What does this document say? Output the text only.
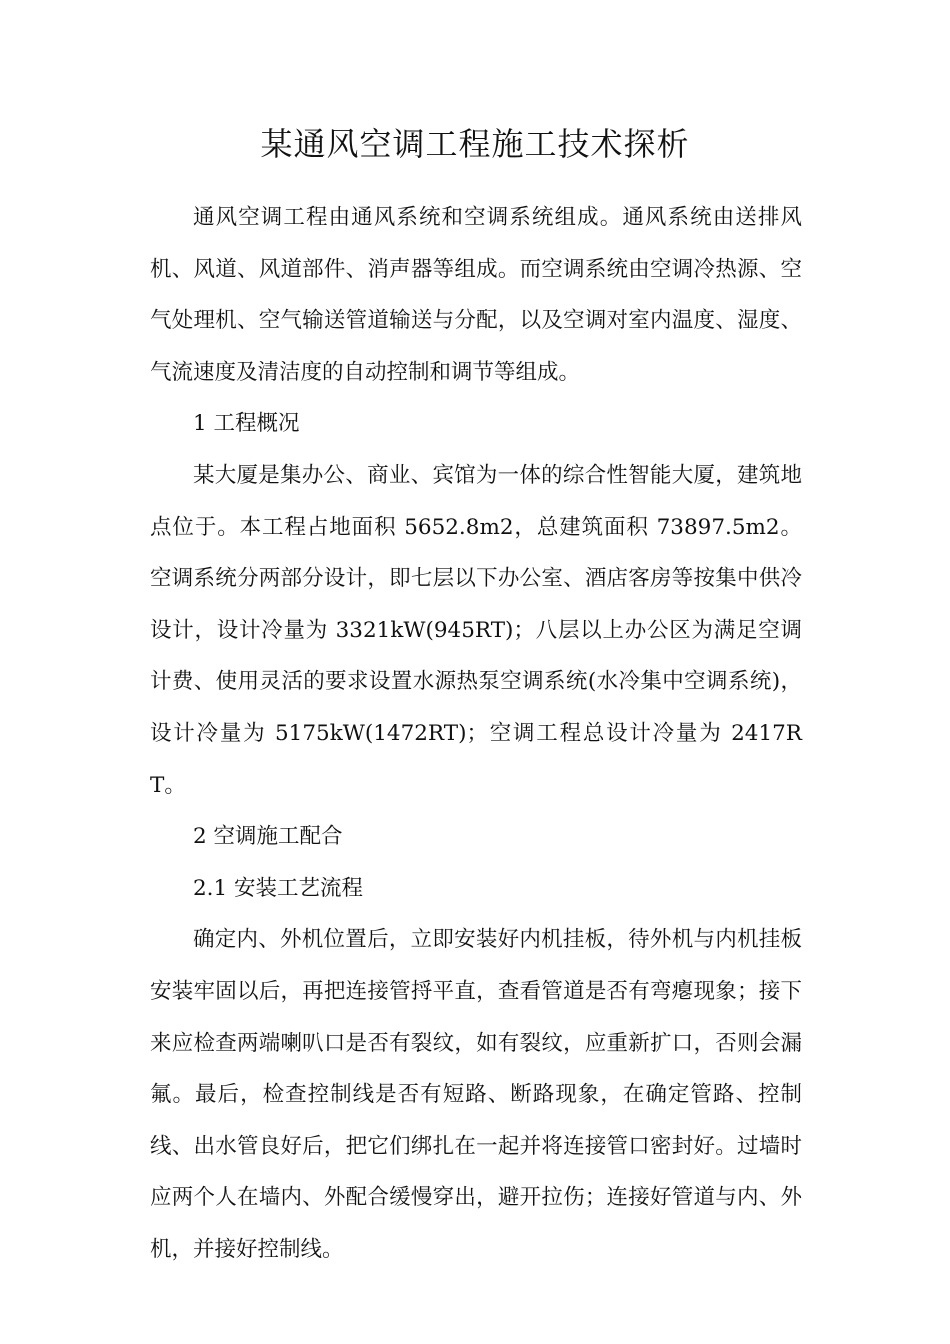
某通风空调工程施工技术探析

通风空调工程由通风系统和空调系统组成。通风系统由送排风机、风道、风道部件、消声器等组成。而空调系统由空调冷热源、空气处理机、空气输送管道输送与分配，以及空调对室内温度、湿度、气流速度及清洁度的自动控制和调节等组成。

1 工程概况

某大厦是集办公、商业、宾馆为一体的综合性智能大厦，建筑地点位于。本工程占地面积 5652.8m2，总建筑面积 73897.5m2。空调系统分两部分设计，即七层以下办公室、酒店客房等按集中供冷设计，设计冷量为 3321kW(945RT)；八层以上办公区为满足空调计费、使用灵活的要求设置水源热泵空调系统(水冷集中空调系统)，设计冷量为 5175kW(1472RT)；空调工程总设计冷量为 2417RT。

2 空调施工配合

2.1 安装工艺流程

确定内、外机位置后，立即安装好内机挂板，待外机与内机挂板安装牢固以后，再把连接管捋平直，查看管道是否有弯瘪现象；接下来应检查两端喇叭口是否有裂纹，如有裂纹，应重新扩口，否则会漏氟。最后，检查控制线是否有短路、断路现象，在确定管路、控制线、出水管良好后，把它们绑扎在一起并将连接管口密封好。过墙时应两个人在墙内、外配合缓慢穿出，避开拉伤；连接好管道与内、外机，并接好控制线。
